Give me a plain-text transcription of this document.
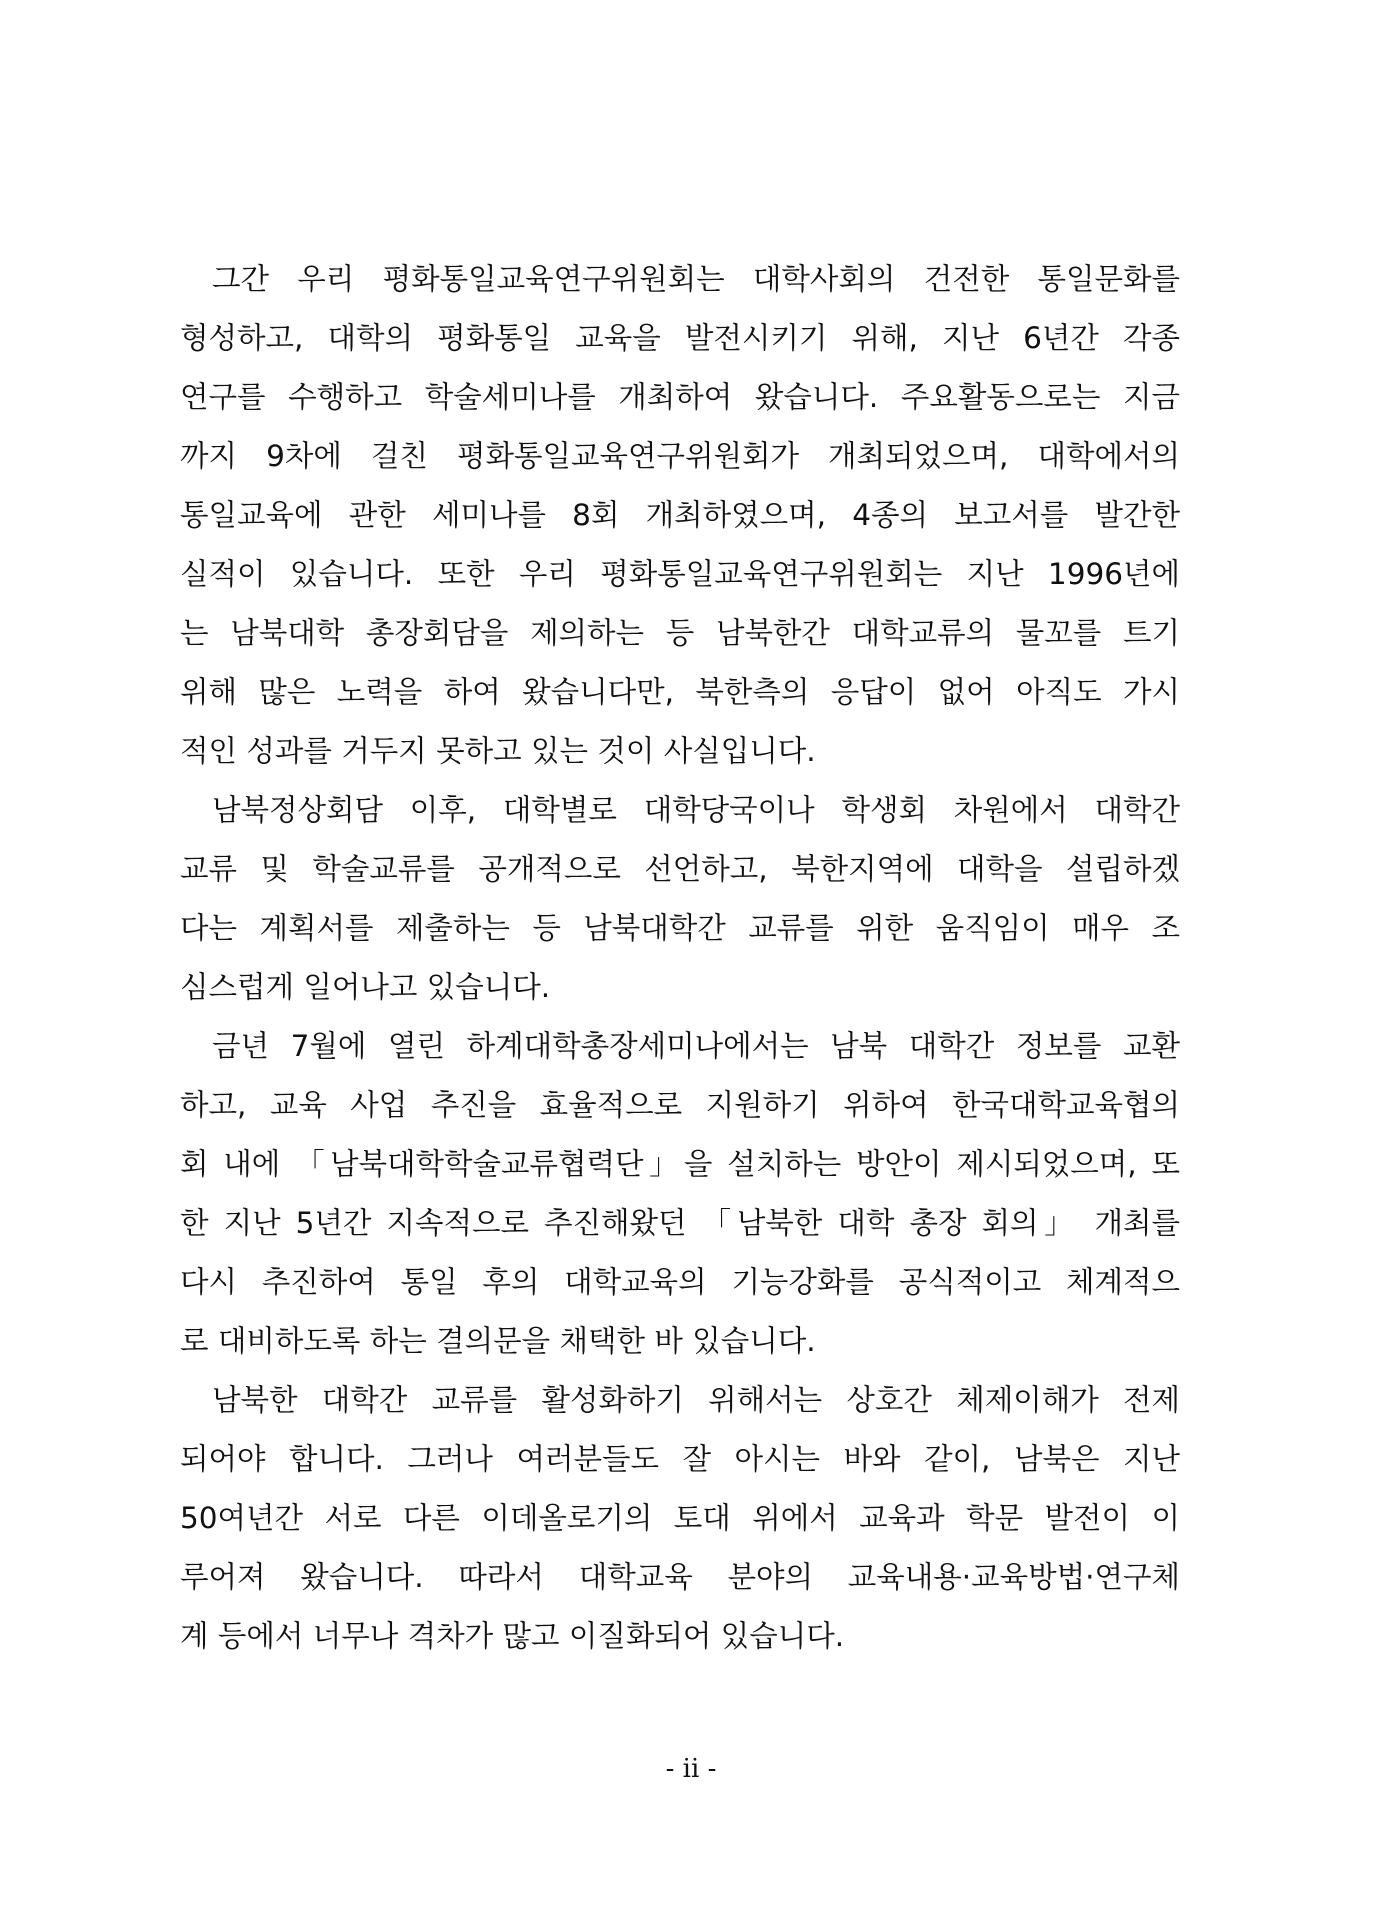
그간 우리 평화통일교육연구위원회는 대학사회의 건전한 통일문화를
형성하고, 대학의 평화통일 교육을 발전시키기 위해, 지난 6년간 각종
연구를 수행하고 학술세미나를 개최하여 왔습니다. 주요활동으로는 지금
까지 9차에 걸친 평화통일교육연구위원회가 개최되었으며, 대학에서의
통일교육에 관한 세미나를 8회 개최하였으며, 4종의 보고서를 발간한
실적이 있습니다. 또한 우리 평화통일교육연구위원회는 지난 1996년에
는 남북대학 총장회담을 제의하는 등 남북한간 대학교류의 물꼬를 트기
위해 많은 노력을 하여 왔습니다만, 북한측의 응답이 없어 아직도 가시
적인 성과를 거두지 못하고 있는 것이 사실입니다.
남북정상회담 이후, 대학별로 대학당국이나 학생회 차원에서 대학간
교류 및 학술교류를 공개적으로 선언하고, 북한지역에 대학을 설립하겠
다는 계획서를 제출하는 등 남북대학간 교류를 위한 움직임이 매우 조
심스럽게 일어나고 있습니다.
금년 7월에 열린 하계대학총장세미나에서는 남북 대학간 정보를 교환
하고, 교육 사업 추진을 효율적으로 지원하기 위하여 한국대학교육협의
회 내에 「남북대학학술교류협력단」을 설치하는 방안이 제시되었으며, 또
한 지난 5년간 지속적으로 추진해왔던 「남북한 대학 총장 회의」 개최를
다시 추진하여 통일 후의 대학교육의 기능강화를 공식적이고 체계적으
로 대비하도록 하는 결의문을 채택한 바 있습니다.
남북한 대학간 교류를 활성화하기 위해서는 상호간 체제이해가 전제
되어야 합니다. 그러나 여러분들도 잘 아시는 바와 같이, 남북은 지난
50여년간 서로 다른 이데올로기의 토대 위에서 교육과 학문 발전이 이
루어져 왔습니다. 따라서 대학교육 분야의 교육내용·교육방법·연구체
계 등에서 너무나 격차가 많고 이질화되어 있습니다.
- ii -
